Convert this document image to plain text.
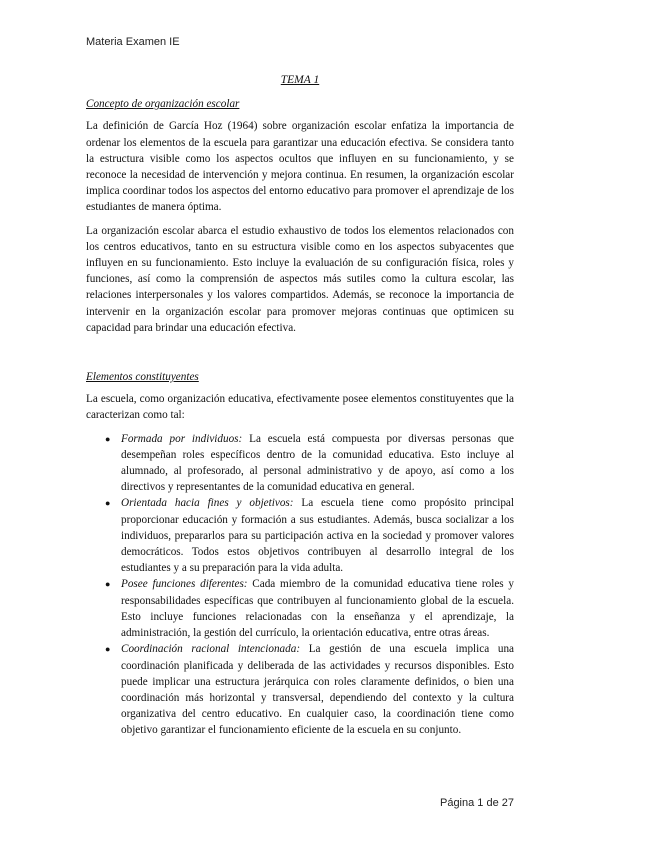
Materia Examen IE
TEMA 1
Concepto de organización escolar

La definición de García Hoz (1964) sobre organización escolar enfatiza la importancia de ordenar los elementos de la escuela para garantizar una educación efectiva. Se considera tanto la estructura visible como los aspectos ocultos que influyen en su funcionamiento, y se reconoce la necesidad de intervención y mejora continua. En resumen, la organización escolar implica coordinar todos los aspectos del entorno educativo para promover el aprendizaje de los estudiantes de manera óptima.

La organización escolar abarca el estudio exhaustivo de todos los elementos relacionados con los centros educativos, tanto en su estructura visible como en los aspectos subyacentes que influyen en su funcionamiento. Esto incluye la evaluación de su configuración física, roles y funciones, así como la comprensión de aspectos más sutiles como la cultura escolar, las relaciones interpersonales y los valores compartidos. Además, se reconoce la importancia de intervenir en la organización escolar para promover mejoras continuas que optimicen su capacidad para brindar una educación efectiva.

Elementos constituyentes

La escuela, como organización educativa, efectivamente posee elementos constituyentes que la caracterizan como tal:

● Formada por individuos: La escuela está compuesta por diversas personas que desempeñan roles específicos dentro de la comunidad educativa. Esto incluye al alumnado, al profesorado, al personal administrativo y de apoyo, así como a los directivos y representantes de la comunidad educativa en general.
● Orientada hacia fines y objetivos: La escuela tiene como propósito principal proporcionar educación y formación a sus estudiantes. Además, busca socializar a los individuos, prepararlos para su participación activa en la sociedad y promover valores democráticos. Todos estos objetivos contribuyen al desarrollo integral de los estudiantes y a su preparación para la vida adulta.
● Posee funciones diferentes: Cada miembro de la comunidad educativa tiene roles y responsabilidades específicas que contribuyen al funcionamiento global de la escuela. Esto incluye funciones relacionadas con la enseñanza y el aprendizaje, la administración, la gestión del currículo, la orientación educativa, entre otras áreas.
● Coordinación racional intencionada: La gestión de una escuela implica una coordinación planificada y deliberada de las actividades y recursos disponibles. Esto puede implicar una estructura jerárquica con roles claramente definidos, o bien una coordinación más horizontal y transversal, dependiendo del contexto y la cultura organizativa del centro educativo. En cualquier caso, la coordinación tiene como objetivo garantizar el funcionamiento eficiente de la escuela en su conjunto.
Página 1 de 27
